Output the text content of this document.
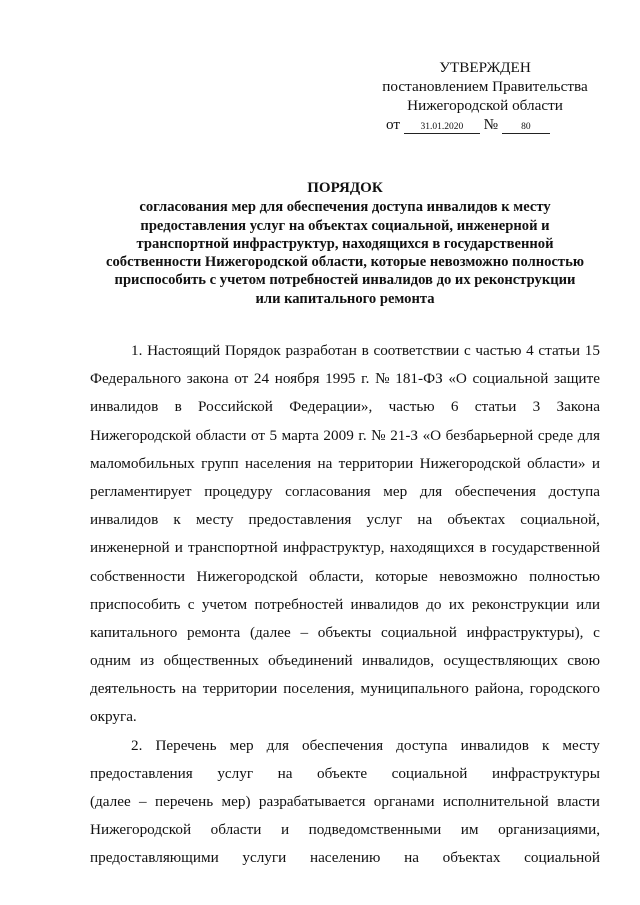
УТВЕРЖДЕН
постановлением Правительства
Нижегородской области
от 31.01.2020 № 80
ПОРЯДОК
согласования мер для обеспечения доступа инвалидов к месту
предоставления услуг на объектах социальной, инженерной и
транспортной инфраструктур, находящихся в государственной
собственности Нижегородской области, которые невозможно полностью
приспособить с учетом потребностей инвалидов до их реконструкции
или капитального ремонта
1. Настоящий Порядок разработан в соответствии с частью 4 статьи 15
Федерального закона от 24 ноября 1995 г. № 181-ФЗ «О социальной защите
инвалидов в Российской Федерации», частью 6 статьи 3 Закона
Нижегородской области от 5 марта 2009 г. № 21-З «О безбарьерной среде для
маломобильных групп населения на территории Нижегородской области» и
регламентирует процедуру согласования мер для обеспечения доступа
инвалидов к месту предоставления услуг на объектах социальной,
инженерной и транспортной инфраструктур, находящихся в государственной
собственности Нижегородской области, которые невозможно полностью
приспособить с учетом потребностей инвалидов до их реконструкции или
капитального ремонта (далее – объекты социальной инфраструктуры), с
одним из общественных объединений инвалидов, осуществляющих свою
деятельность на территории поселения, муниципального района, городского
округа.
2. Перечень мер для обеспечения доступа инвалидов к месту
предоставления услуг на объекте социальной инфраструктуры
(далее – перечень мер) разрабатывается органами исполнительной власти
Нижегородской области и подведомственными им организациями,
предоставляющими услуги населению на объектах социальной
